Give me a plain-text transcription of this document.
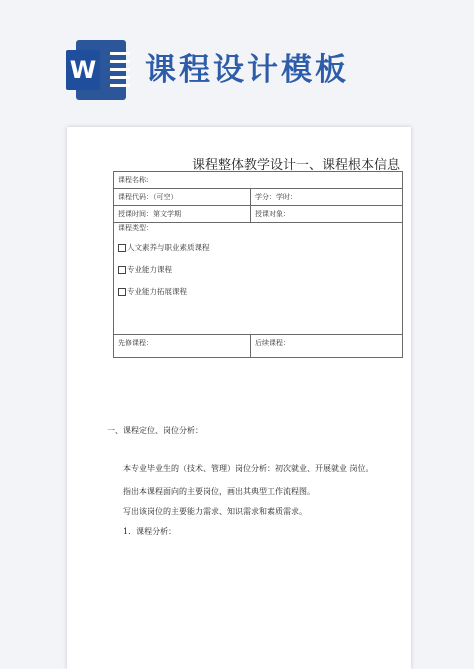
W 课程设计模板
课程整体教学设计一、课程根本信息
课程名称:	
课程代码：（可空）	学分：学时：
授课时间：第文学期	授课对象：

课程类型：
人文素养与职业素质课程
专业能力课程
专业能力拓展课程	

先修课程：	后续课程：
一、课程定位、岗位分析：
本专业毕业生的（技术、管理）岗位分析：初次就业、开展就业 岗位。
指出本课程面向的主要岗位，画出其典型工作流程图。
写出该岗位的主要能力需求、知识需求和素质需求。
1．课程分析：
